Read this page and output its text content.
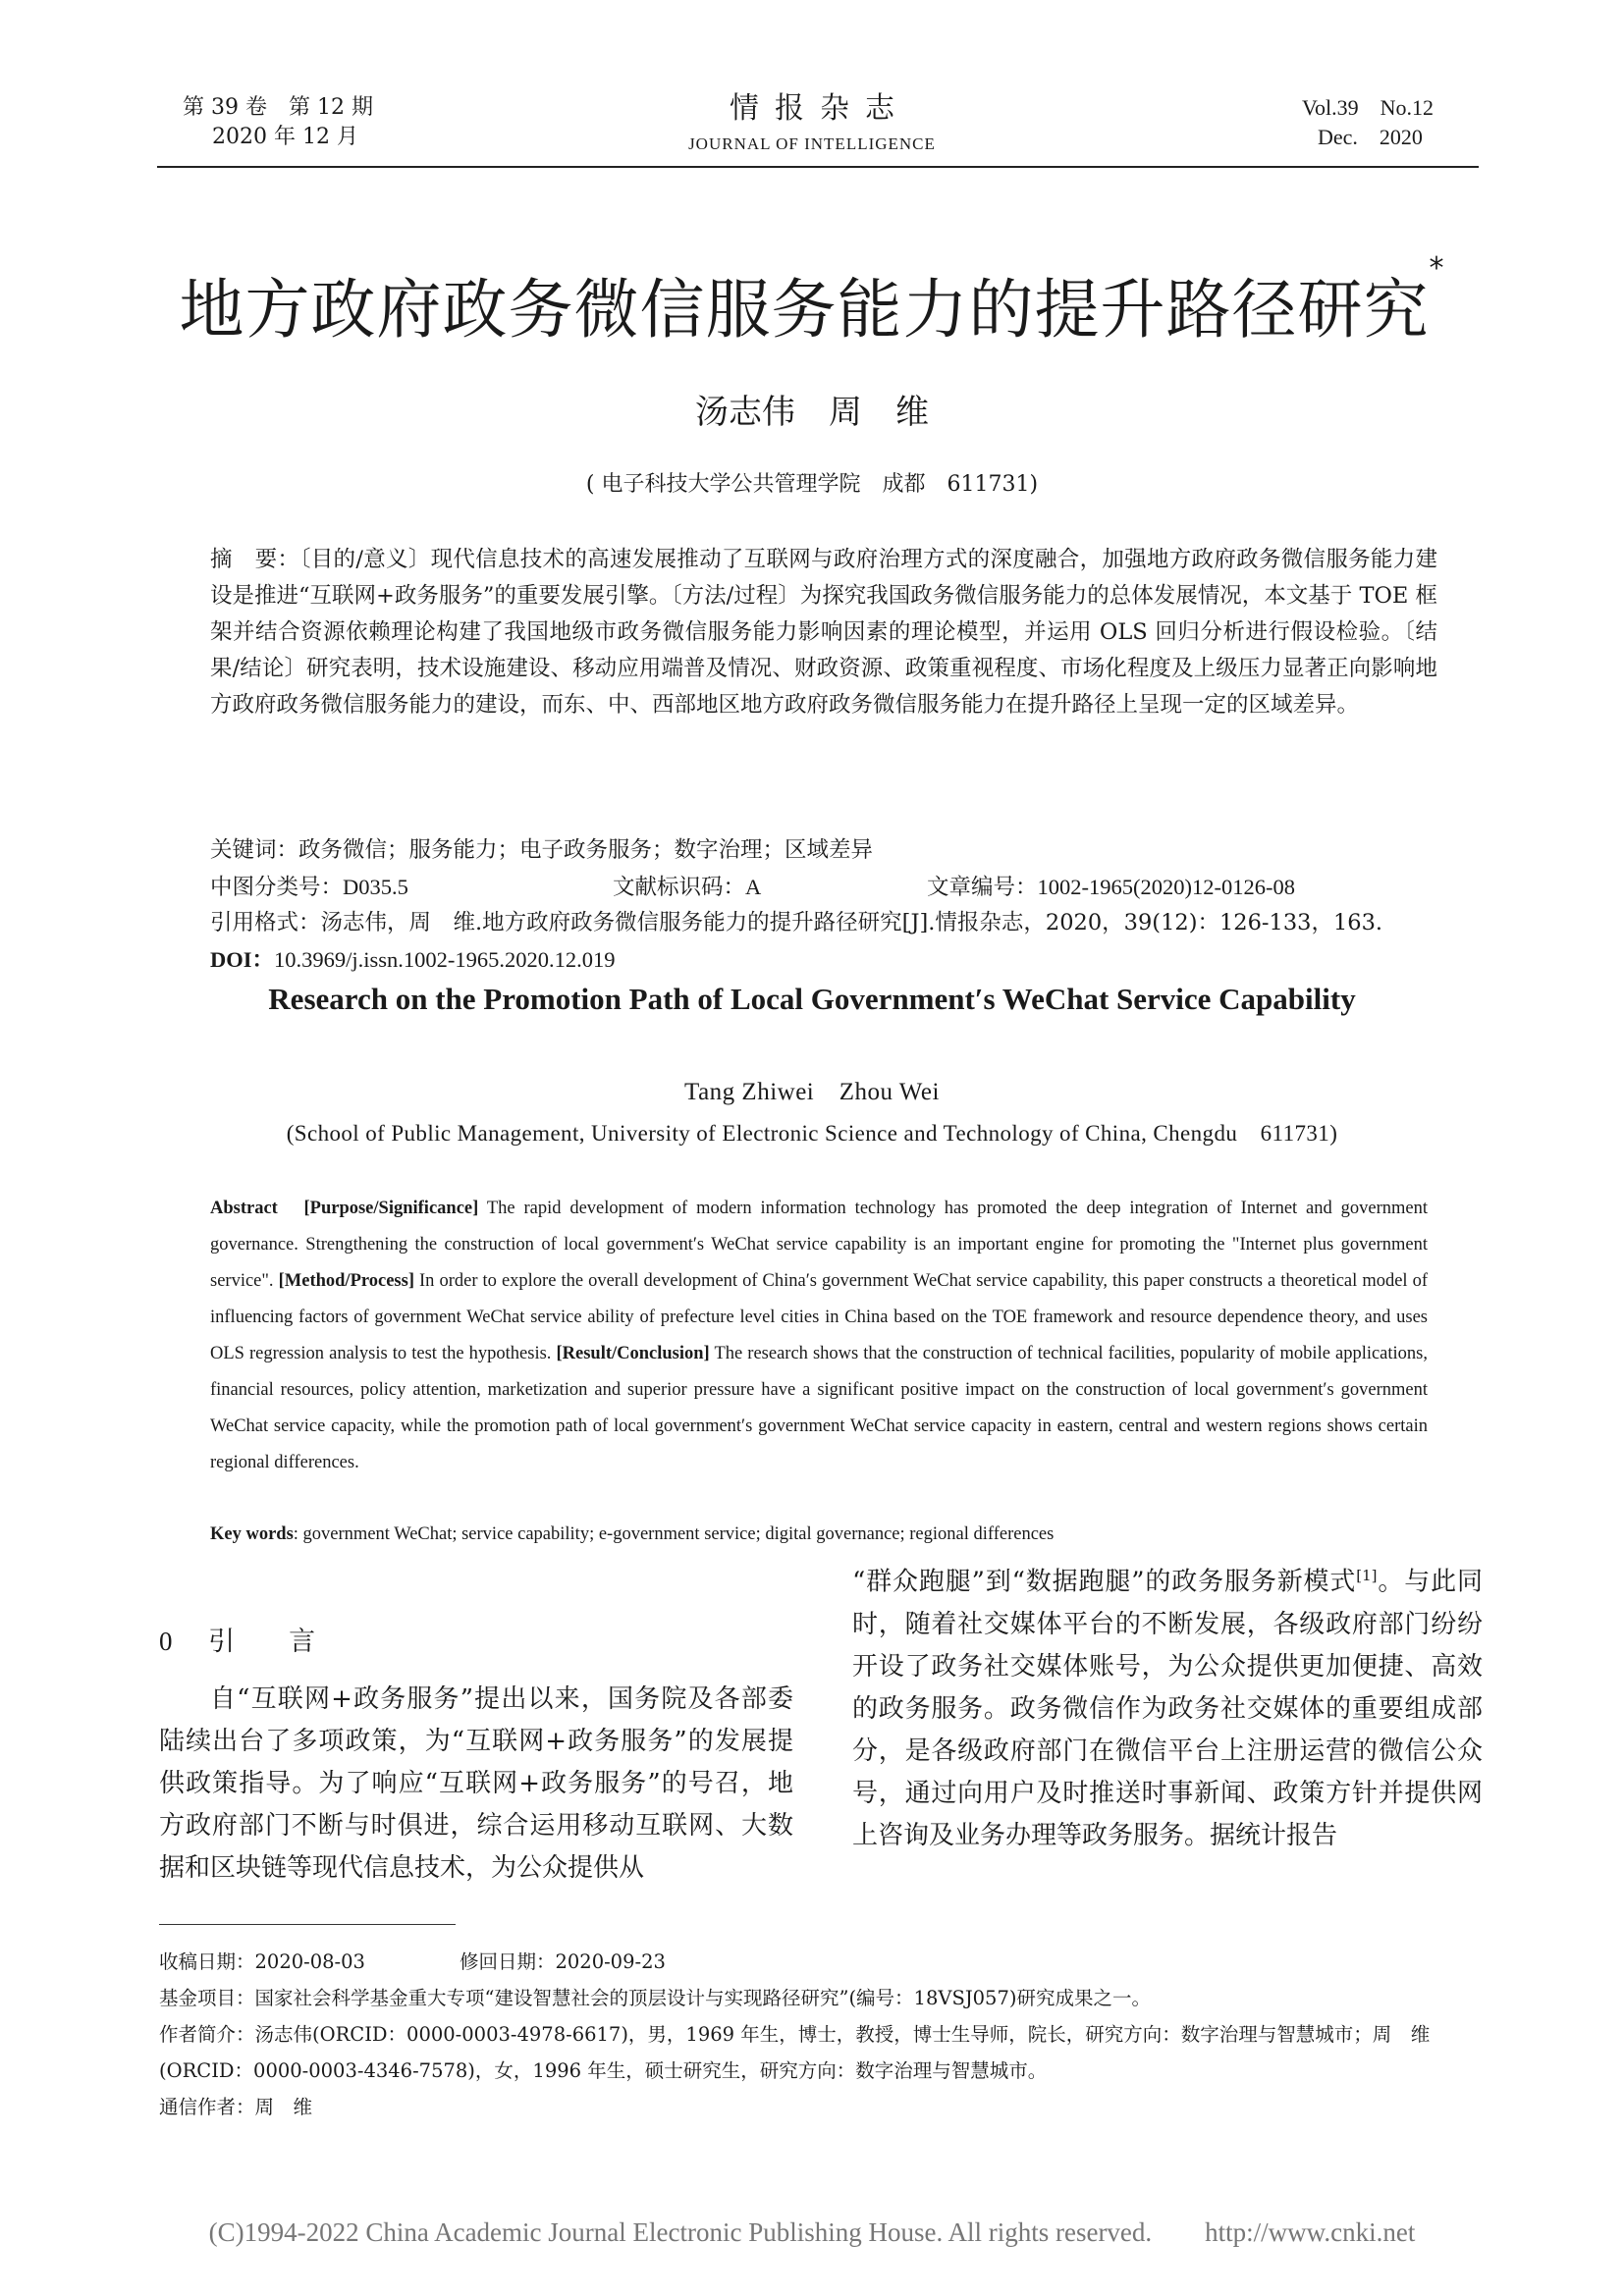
第 39 卷　第 12 期
2020 年 12 月
情报杂志
JOURNAL OF INTELLIGENCE
Vol.39　No.12
Dec.　2020
地方政府政务微信服务能力的提升路径研究*
汤志伟　周　维
( 电子科技大学公共管理学院　成都　611731)

摘　要：〔目的/意义〕现代信息技术的高速发展推动了互联网与政府治理方式的深度融合，加强地方政府政务微信服务能力建设是推进“互联网+政务服务”的重要发展引擎。〔方法/过程〕为探究我国政务微信服务能力的总体发展情况，本文基于 TOE 框架并结合资源依赖理论构建了我国地级市政务微信服务能力影响因素的理论模型，并运用 OLS 回归分析进行假设检验。〔结果/结论〕研究表明，技术设施建设、移动应用端普及情况、财政资源、政策重视程度、市场化程度及上级压力显著正向影响地方政府政务微信服务能力的建设，而东、中、西部地区地方政府政务微信服务能力在提升路径上呈现一定的区域差异。

关键词：政务微信；服务能力；电子政务服务；数字治理；区域差异
中图分类号：D035.5	文献标识码：A	文章编号：1002-1965(2020)12-0126-08
引用格式：汤志伟，周　维.地方政府政务微信服务能力的提升路径研究[J].情报杂志，2020，39(12)：126-133，163.
DOI：10.3969/j.issn.1002-1965.2020.12.019
Research on the Promotion Path of Local Government′s WeChat Service Capability
Tang Zhiwei　Zhou Wei
(School of Public Management, University of Electronic Science and Technology of China, Chengdu　611731)
Abstract [Purpose/Significance] The rapid development of modern information technology has promoted the deep integration of Internet and government governance. Strengthening the construction of local government′s WeChat service capability is an important engine for promoting the "Internet plus government service". [Method/Process] In order to explore the overall development of China′s government WeChat service capability, this paper constructs a theoretical model of influencing factors of government WeChat service ability of prefecture level cities in China based on the TOE framework and resource dependence theory, and uses OLS regression analysis to test the hypothesis. [Result/Conclusion] The research shows that the construction of technical facilities, popularity of mobile applications, financial resources, policy attention, marketization and superior pressure have a significant positive impact on the construction of local government′s government WeChat service capacity, while the promotion path of local government′s government WeChat service capacity in eastern, central and western regions shows certain regional differences.
Key words: government WeChat; service capability; e-government service; digital governance; regional differences
0 引　言

自“互联网+政务服务”提出以来，国务院及各部委陆续出台了多项政策，为“互联网+政务服务”的发展提供政策指导。为了响应“互联网+政务服务”的号召，地方政府部门不断与时俱进，综合运用移动互联网、大数据和区块链等现代信息技术，为公众提供从

“群众跑腿”到“数据跑腿”的政务服务新模式[1]。与此同时，随着社交媒体平台的不断发展，各级政府部门纷纷开设了政务社交媒体账号，为公众提供更加便捷、高效的政务服务。政务微信作为政务社交媒体的重要组成部分，是各级政府部门在微信平台上注册运营的微信公众号，通过向用户及时推送时事新闻、政策方针并提供网上咨询及业务办理等政务服务。据统计报告

收稿日期：2020-08-03	修回日期：2020-09-23
基金项目：国家社会科学基金重大专项“建设智慧社会的顶层设计与实现路径研究”(编号：18VSJ057)研究成果之一。
作者简介：汤志伟(ORCID：0000-0003-4978-6617)，男，1969 年生，博士，教授，博士生导师，院长，研究方向：数字治理与智慧城市；周　维
(ORCID：0000-0003-4346-7578)，女，1996 年生，硕士研究生，研究方向：数字治理与智慧城市。
通信作者：周　维
(C)1994-2022 China Academic Journal Electronic Publishing House. All rights reserved.　　http://www.cnki.net
